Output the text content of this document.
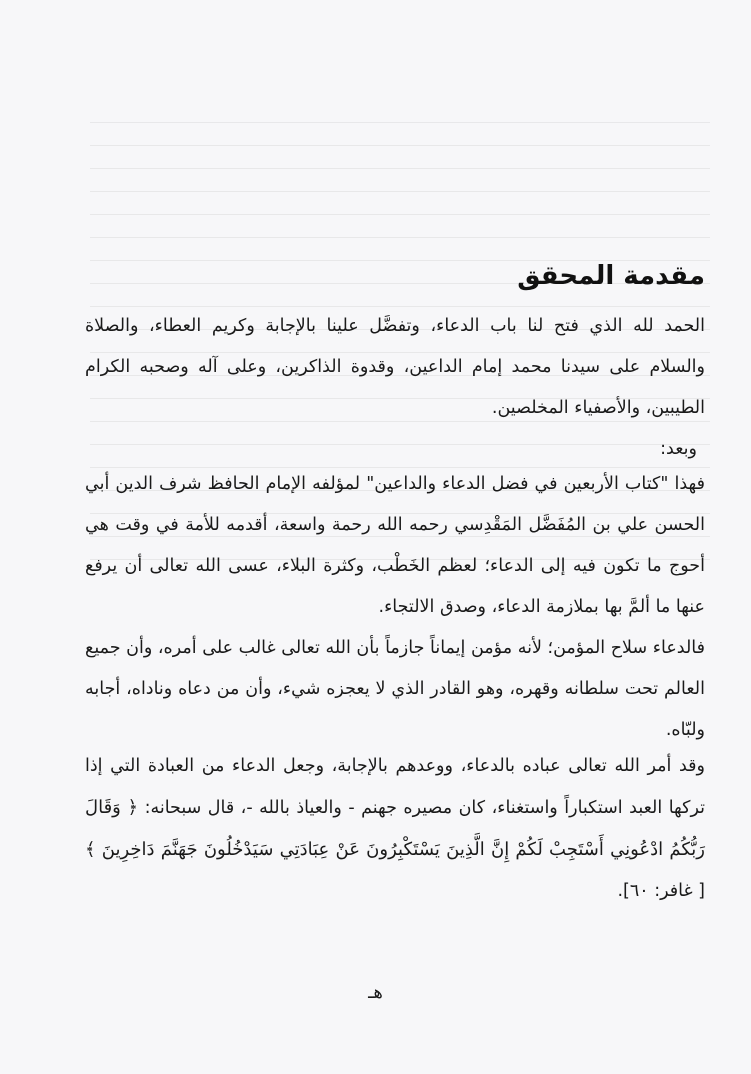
مقدمة المحقق

الحمد لله الذي فتح لنا باب الدعاء، وتفضَّل علينا بالإجابة وكريم العطاء، والصلاة والسلام على سيدنا محمد إمام الداعين، وقدوة الذاكرين، وعلى آله وصحبه الكرام الطيبين، والأصفياء المخلصين.

وبعد:

فهذا "كتاب الأربعين في فضل الدعاء والداعين" لمؤلفه الإمام الحافظ شرف الدين أبي الحسن علي بن المُفَضَّل المَقْدِسي رحمه الله رحمة واسعة، أقدمه للأمة في وقت هي أحوج ما تكون فيه إلى الدعاء؛ لعظم الخَطْب، وكثرة البلاء، عسى الله تعالى أن يرفع عنها ما ألمَّ بها بملازمة الدعاء، وصدق الالتجاء.

فالدعاء سلاح المؤمن؛ لأنه مؤمن إيماناً جازماً بأن الله تعالى غالب على أمره، وأن جميع العالم تحت سلطانه وقهره، وهو القادر الذي لا يعجزه شيء، وأن من دعاه وناداه، أجابه ولبّاه.

وقد أمر الله تعالى عباده بالدعاء، ووعدهم بالإجابة، وجعل الدعاء من العبادة التي إذا تركها العبد استكباراً واستغناء، كان مصيره جهنم - والعياذ بالله -، قال سبحانه: ﴿ وَقَالَ رَبُّكُمُ ادْعُونِي أَسْتَجِبْ لَكُمْ إِنَّ الَّذِينَ يَسْتَكْبِرُونَ عَنْ عِبَادَتِي سَيَدْخُلُونَ جَهَنَّمَ دَاخِرِينَ ﴾ [ غافر: ٦٠].

هـ
